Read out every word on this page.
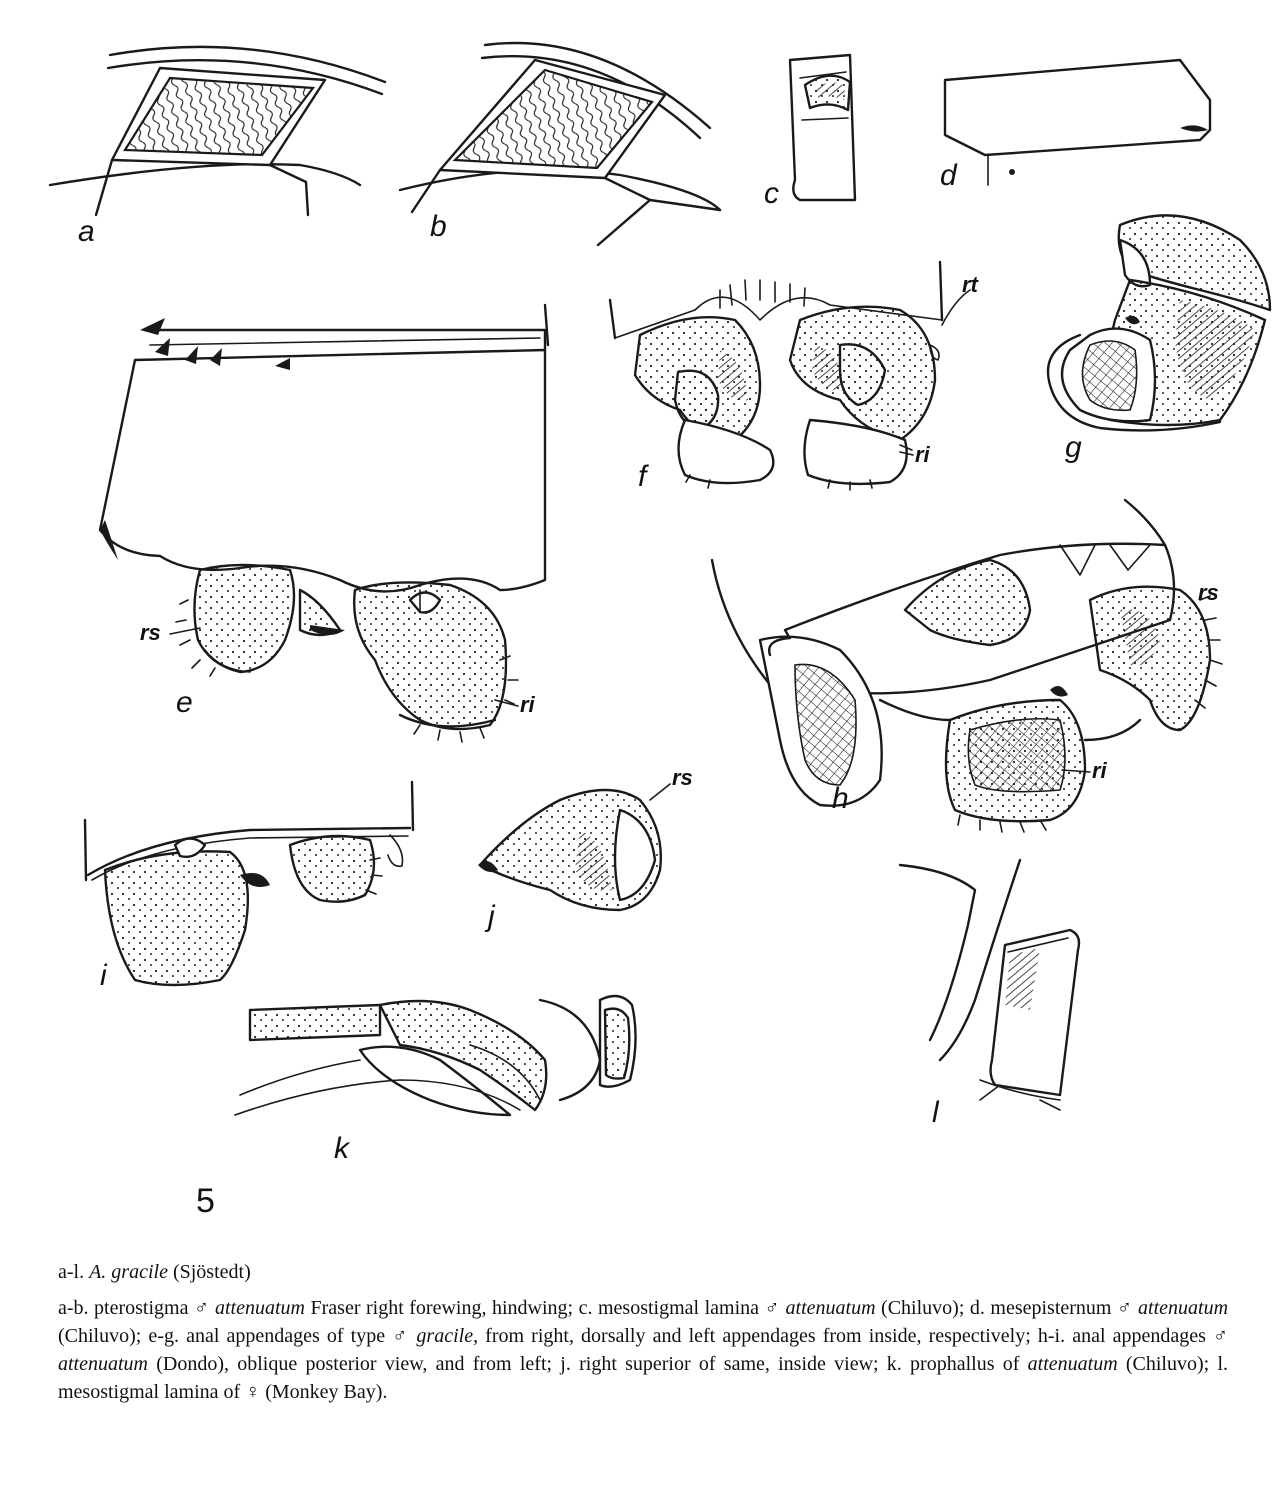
a	b
c
d
e
f
g
h
i
j
k
l
rs
ri
rt
ri
rs
ri
rs
5

a-l. A. gracile (Sjöstedt)

a-b. pterostigma ♂ attenuatum Fraser right forewing, hindwing; c. mesostigmal lamina ♂ attenuatum (Chiluvo); d. mesepisternum ♂ attenuatum (Chiluvo); e-g. anal appendages of type ♂ gracile, from right, dorsally and left appendages from inside, respectively; h-i. anal appendages ♂ attenuatum (Dondo), oblique posterior view, and from left; j. right superior of same, inside view; k. prophallus of attenuatum (Chiluvo); l. mesostigmal lamina of ♀ (Monkey Bay).
